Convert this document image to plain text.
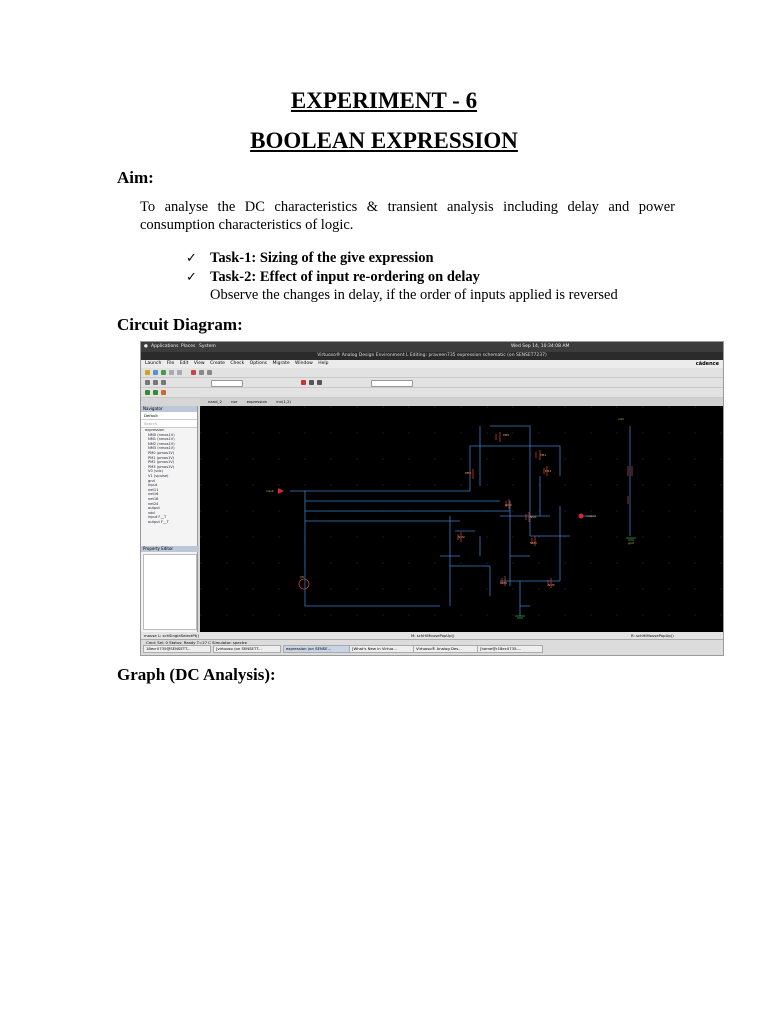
EXPERIMENT - 6
BOOLEAN EXPRESSION

Aim:

To analyse the DC characteristics & transient analysis including delay and power consumption characteristics of logic.

✓ Task-1: Sizing of the give expression
✓ Task-2: Effect of input re-ordering on delay
Observe the changes in delay, if the order of inputs applied is reversed

Circuit Diagram:

● Applications Places System	Wed Sep 14, 10:34:08 AM
Virtuoso® Analog Design Environment L Editing: praveen735 expression schematic (on SENSET7237)
Launch File Edit View Create Check Options Migrate Window Help	cādence
nand_2 nor expression inv(1,2)
Navigator
Default
Search
expression
NM0 (nmos1V)
NM1 (nmos1V)
NM2 (nmos1V)
NM3 (nmos1V)
PM0 (pmos1V)
PM1 (pmos1V)
PM2 (pmos1V)
PM3 (pmos1V)
V0 (vdc)
V1 (vpulse)
gnd
input
net11
net16
net18
net24
output
vdd
input F__T
output F__T
Property Editor
PM0
PM1
PM2	PM3
NM0
NM1
NM2
NM3
NM4	NM5
V0
input
output
vdd
gnd
mouse L: schSingleSelectPt()	M: schHiMousePopUp()	R: schHiMousePopUp()
Cmd: Sel: 0 Status: Ready T=27 C Simulator: spectre
18ecr0735@SENSETT...	[virtuoso (on SENSETT...	expression (on SENSE...	[What's New in Virtuo...	Virtuoso® Analog Des...	[home@r18ec0735-...

Graph (DC Analysis):
